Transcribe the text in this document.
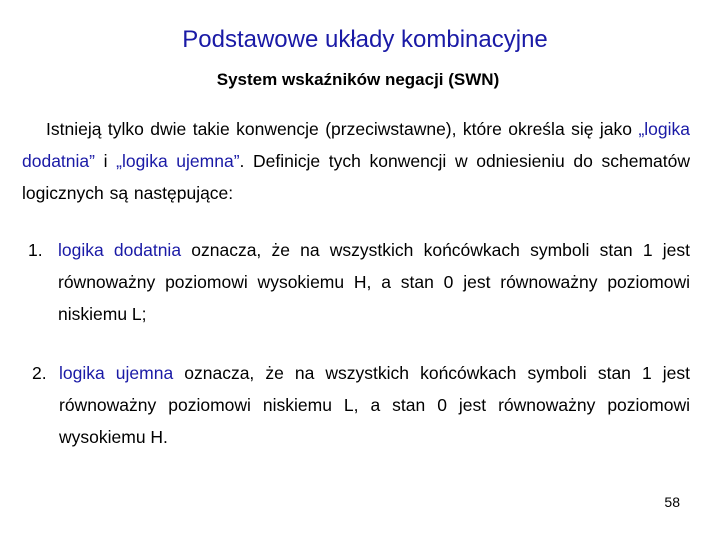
Podstawowe układy kombinacyjne
System wskaźników negacji (SWN)
Istnieją tylko dwie takie konwencje (przeciwstawne), które określa się jako „logika dodatnia” i „logika ujemna”. Definicje tych konwencji w odniesieniu do schematów logicznych są następujące:
1. logika dodatnia oznacza, że na wszystkich końcówkach symboli stan 1 jest równoważny poziomowi wysokiemu H, a stan 0 jest równoważny poziomowi niskiemu L;
2. logika ujemna oznacza, że na wszystkich końcówkach symboli stan 1 jest równoważny poziomowi niskiemu L, a stan 0 jest równoważny poziomowi wysokiemu H.
58
